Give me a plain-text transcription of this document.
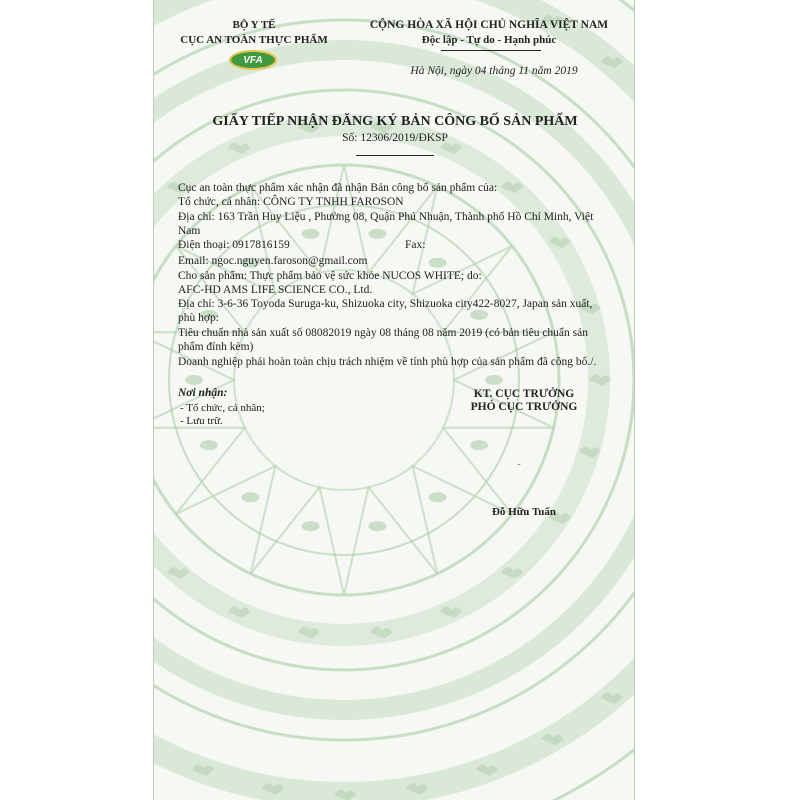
BỘ Y TẾ
CỤC AN TOÀN THỰC PHẨM
VFA
CỘNG HÒA XÃ HỘI CHỦ NGHĨA VIỆT NAM
Độc lập - Tự do - Hạnh phúc
Hà Nội, ngày 04 tháng 11 năm 2019
GIẤY TIẾP NHẬN ĐĂNG KÝ BẢN CÔNG BỐ SẢN PHẨM
Số: 12306/2019/ĐKSP
Cục an toàn thực phẩm xác nhận đã nhận Bản công bố sản phẩm của:
Tổ chức, cá nhân: CÔNG TY TNHH FAROSON
Địa chỉ: 163 Trần Huy Liệu , Phường 08, Quận Phú Nhuận, Thành phố Hồ Chí Minh, Việt
Nam
Điện thoại: 0917816159	Fax:
Email: ngoc.nguyen.faroson@gmail.com
Cho sản phẩm: Thực phẩm bảo vệ sức khỏe NUCOS WHITE; do:
AFC-HD AMS LIFE SCIENCE CO., Ltd.
Địa chỉ: 3-6-36 Toyoda Suruga-ku, Shizuoka city, Shizuoka city422-8027, Japan sản xuất,
phù hợp:
Tiêu chuẩn nhà sản xuất số 08082019 ngày 08 tháng 08 năm 2019 (có bản tiêu chuẩn sản
phẩm đính kèm)
Doanh nghiệp phải hoàn toàn chịu trách nhiệm về tính phù hợp của sản phẩm đã công bố./.
Nơi nhận:
- Tổ chức, cá nhân;
- Lưu trữ.
KT. CỤC TRƯỞNG
PHÓ CỤC TRƯỞNG
-
Đỗ Hữu Tuấn
